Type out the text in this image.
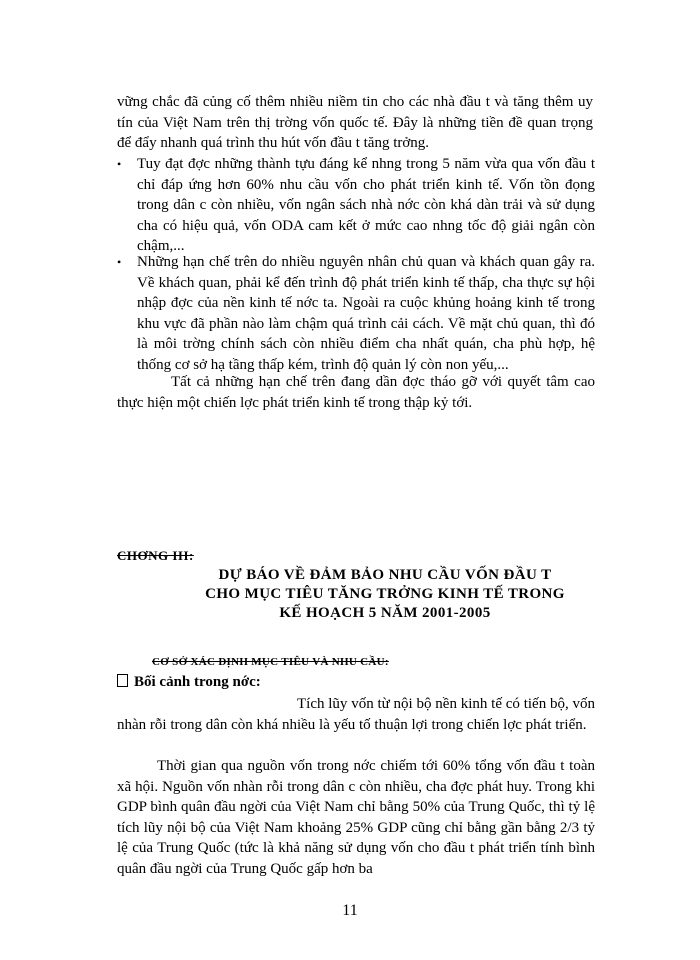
vững chắc đã củng cố thêm nhiều niềm tin cho các nhà đầu t và tăng thêm uy tín của Việt Nam trên thị trờng vốn quốc tế. Đây là những tiền đề quan trọng để đẩy nhanh quá trình thu hút vốn đầu t tăng trởng.

• Tuy đạt đợc những thành tựu đáng kể nhng trong 5 năm vừa qua vốn đầu t chỉ đáp ứng hơn 60% nhu cầu vốn cho phát triển kinh tế. Vốn tồn đọng trong dân c còn nhiều, vốn ngân sách nhà nớc còn khá dàn trải và sử dụng cha có hiệu quả, vốn ODA cam kết ở mức cao nhng tốc độ giải ngân còn chậm,...
• Những hạn chế trên do nhiều nguyên nhân chủ quan và khách quan gây ra. Về khách quan, phải kể đến trình độ phát triển kinh tế thấp, cha thực sự hội nhập đợc của nền kinh tế nớc ta. Ngoài ra cuộc khủng hoảng kinh tế trong khu vực đã phần nào làm chậm quá trình cải cách. Về mặt chủ quan, thì đó là môi trờng chính sách còn nhiều điểm cha nhất quán, cha phù hợp, hệ thống cơ sở hạ tầng thấp kém, trình độ quản lý còn non yếu,...

Tất cả những hạn chế trên đang dần đợc tháo gỡ với quyết tâm cao thực hiện một chiến lợc phát triển kinh tế trong thập kỷ tới.

CHƠNG III:
DỰ BÁO VỀ ĐẢM BẢO NHU CẦU VỐN ĐẦU T
CHO MỤC TIÊU TĂNG TRỞNG KINH TẾ TRONG
KẾ HOẠCH 5 NĂM 2001-2005
CƠ SỞ XÁC ĐỊNH MỤC TIÊU VÀ NHU CẦU:
Bối cảnh trong nớc:

Tích lũy vốn từ nội bộ nền kinh tế có tiến bộ, vốn nhàn rỗi trong dân còn khá nhiều là yếu tố thuận lợi trong chiến lợc phát triển.

Thời gian qua nguồn vốn trong nớc chiếm tới 60% tổng vốn đầu t toàn xã hội. Nguồn vốn nhàn rỗi trong dân c còn nhiều, cha đợc phát huy. Trong khi GDP bình quân đầu ngời của Việt Nam chỉ bằng 50% của Trung Quốc, thì tỷ lệ tích lũy nội bộ của Việt Nam khoảng 25% GDP cũng chỉ bằng gần bằng 2/3 tỷ lệ của Trung Quốc (tức là khả năng sử dụng vốn cho đầu t phát triển tính bình quân đầu ngời của Trung Quốc gấp hơn ba

11
